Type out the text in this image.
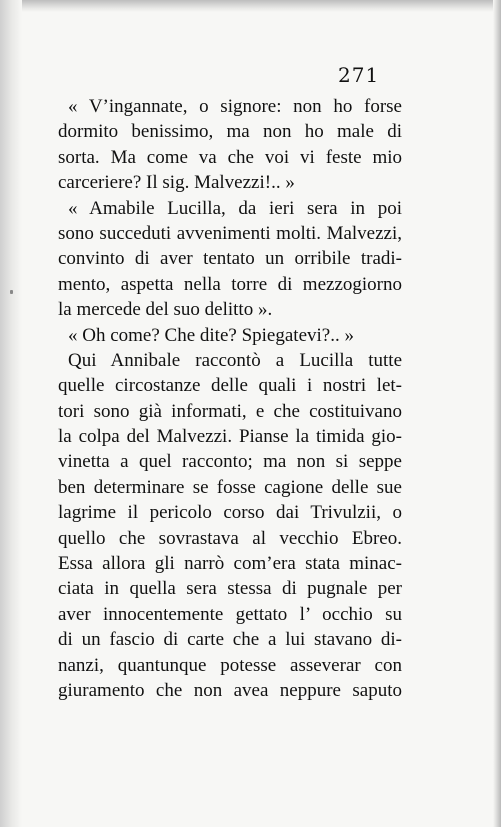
271
« V’ingannate, o signore: non ho forse
dormito benissimo, ma non ho male di
sorta. Ma come va che voi vi feste mio
carceriere? Il sig. Malvezzi!.. »
« Amabile Lucilla, da ieri sera in poi
sono succeduti avvenimenti molti. Malvezzi,
convinto di aver tentato un orribile tradi-
mento, aspetta nella torre di mezzogiorno
la mercede del suo delitto ».
« Oh come? Che dite? Spiegatevi?.. »
Qui Annibale raccontò a Lucilla tutte
quelle circostanze delle quali i nostri let-
tori sono già informati, e che costituivano
la colpa del Malvezzi. Pianse la timida gio-
vinetta a quel racconto; ma non si seppe
ben determinare se fosse cagione delle sue
lagrime il pericolo corso dai Trivulzii, o
quello che sovrastava al vecchio Ebreo.
Essa allora gli narrò com’era stata minac-
ciata in quella sera stessa di pugnale per
aver innocentemente gettato l’ occhio su
di un fascio di carte che a lui stavano di-
nanzi, quantunque potesse asseverar con
giuramento che non avea neppure saputo
